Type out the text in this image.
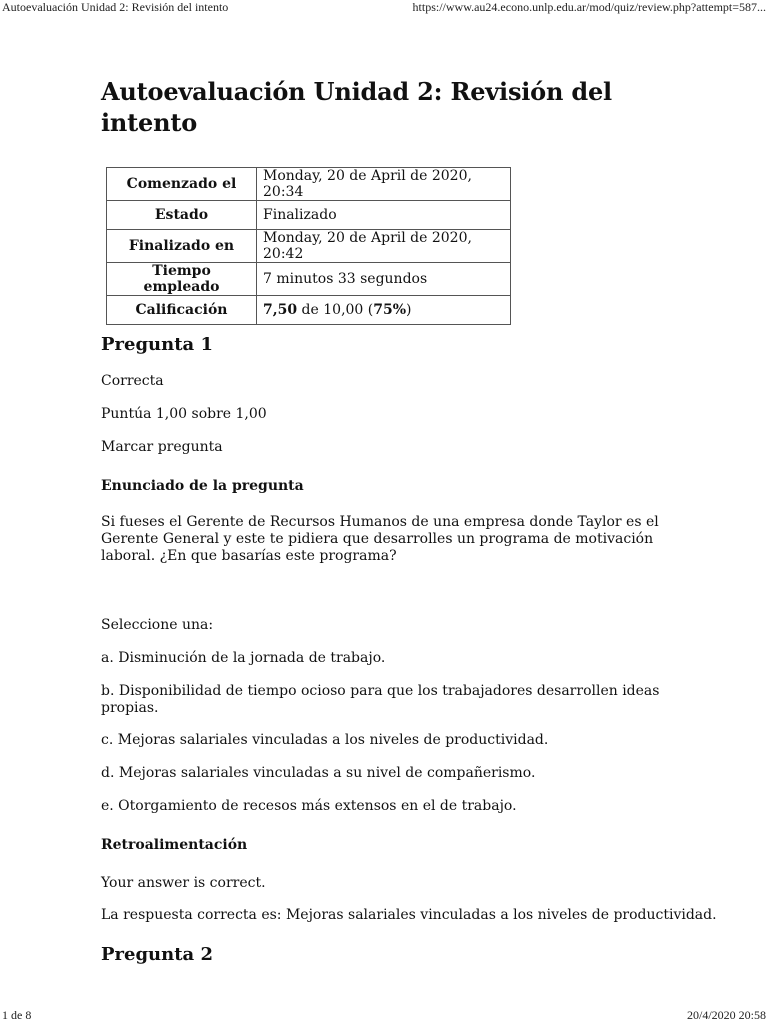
Autoevaluación Unidad 2: Revisión del intento	https://www.au24.econo.unlp.edu.ar/mod/quiz/review.php?attempt=587...
Autoevaluación Unidad 2: Revisión del intento
Comenzado el	Monday, 20 de April de 2020, 20:34
Estado	Finalizado
Finalizado en	Monday, 20 de April de 2020, 20:42
Tiempo empleado	7 minutos 33 segundos
Calificación	7,50 de 10,00 (75%)
Pregunta 1

Correcta

Puntúa 1,00 sobre 1,00

Marcar pregunta

Enunciado de la pregunta

Si fueses el Gerente de Recursos Humanos de una empresa donde Taylor es el Gerente General y este te pidiera que desarrolles un programa de motivación laboral. ¿En que basarías este programa?

Seleccione una:

a. Disminución de la jornada de trabajo.

b. Disponibilidad de tiempo ocioso para que los trabajadores desarrollen ideas propias.

c. Mejoras salariales vinculadas a los niveles de productividad.

d. Mejoras salariales vinculadas a su nivel de compañerismo.

e. Otorgamiento de recesos más extensos en el de trabajo.

Retroalimentación

Your answer is correct.

La respuesta correcta es: Mejoras salariales vinculadas a los niveles de productividad.

Pregunta 2
1 de 8	20/4/2020 20:58
